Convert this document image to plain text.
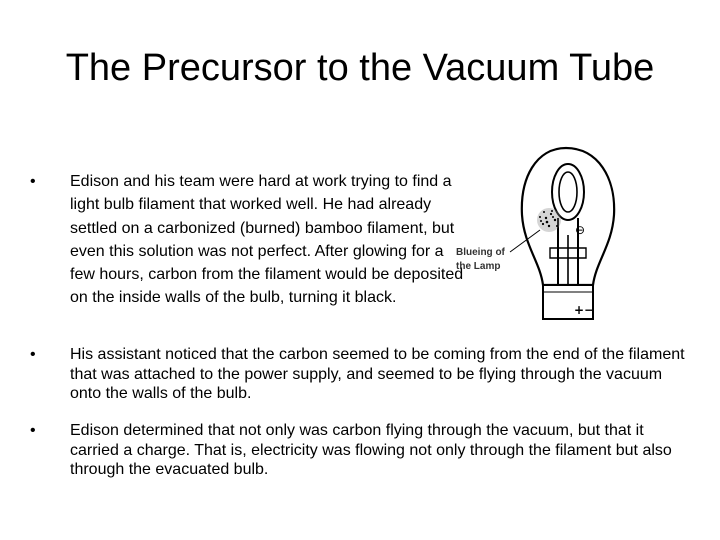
The Precursor to the Vacuum Tube
•	Edison and his team were hard at work trying to find a light bulb filament that worked well. He had already settled on a carbonized (burned) bamboo filament, but even this solution was not perfect. After glowing for a few hours, carbon from the filament would be deposited on the inside walls of the bulb, turning it black.
•	His assistant noticed that the carbon seemed to be coming from the end of the filament that was attached to the power supply, and seemed to be flying through the vacuum onto the walls of the bulb.
•	Edison determined that not only was carbon flying through the vacuum, but that it carried a charge. That is, electricity was flowing not only through the filament but also through the evacuated bulb.
⊖
Blueing of
the Lamp
+ −
